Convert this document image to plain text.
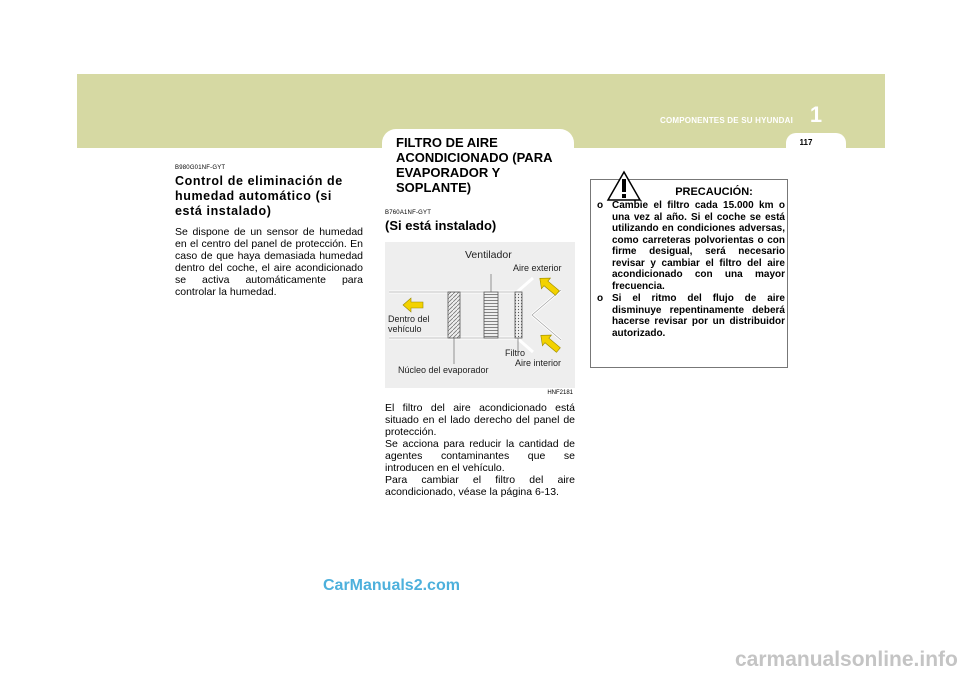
COMPONENTES DE SU HYUNDAI 1
117
FILTRO DE AIRE ACONDICIONADO (PARA EVAPORADOR Y SOPLANTE)
B980G01NF-GYT
Control de eliminación de humedad automático (si está instalado)
Se dispone de un sensor de humedad en el centro del panel de protección. En caso de que haya demasiada humedad dentro del coche, el aire acondicionado se activa automáticamente para controlar la humedad.
B760A1NF-GYT
(Si está instalado)
Ventilador
Aire exterior
Dentro del vehículo
Filtro
Aire interior
Núcleo del evaporador
HNF2181
El filtro del aire acondicionado está situado en el lado derecho del panel de protección.
Se acciona para reducir la cantidad de agentes contaminantes que se introducen en el vehículo.
Para cambiar el filtro del aire acondicionado, véase la página 6-13.
PRECAUCIÓN:
o Cambie el filtro cada 15.000 km o una vez al año. Si el coche se está utilizando en condiciones adversas, como carreteras polvorientas o con firme desigual, será necesario revisar y cambiar el filtro del aire acondicionado con una mayor frecuencia.
o Si el ritmo del flujo de aire disminuye repentinamente deberá hacerse revisar por un distribuidor autorizado.
CarManuals2.com
carmanualsonline.info
